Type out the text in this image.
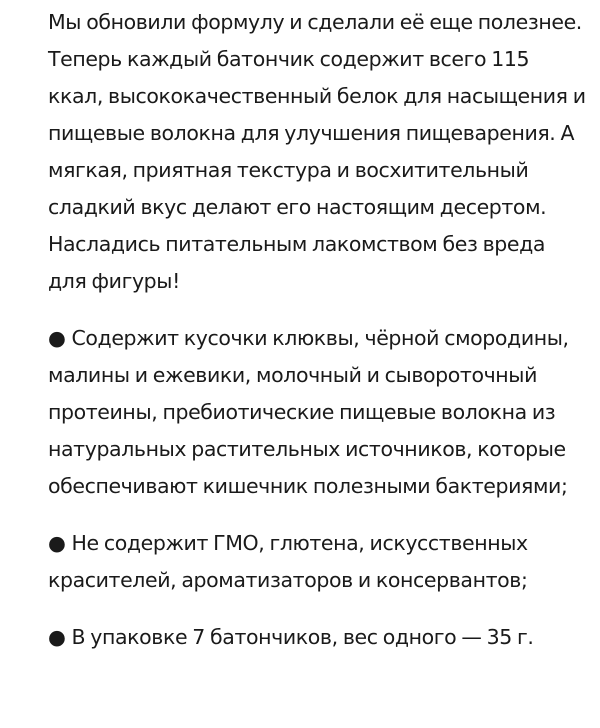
Мы обновили формулу и сделали её еще полезнее. Теперь каждый батончик содержит всего 115 ккал, высококачественный белок для насыщения и пищевые волокна для улучшения пищеварения. А мягкая, приятная текстура и восхитительный сладкий вкус делают его настоящим десертом. Насладись питательным лакомством без вреда для фигуры!

● Содержит кусочки клюквы, чёрной смородины, малины и ежевики, молочный и сывороточный протеины, пребиотические пищевые волокна из натуральных растительных источников, которые обеспечивают кишечник полезными бактериями;

● Не содержит ГМО, глютена, искусственных красителей, ароматизаторов и консервантов;

● В упаковке 7 батончиков, вес одного — 35 г.
